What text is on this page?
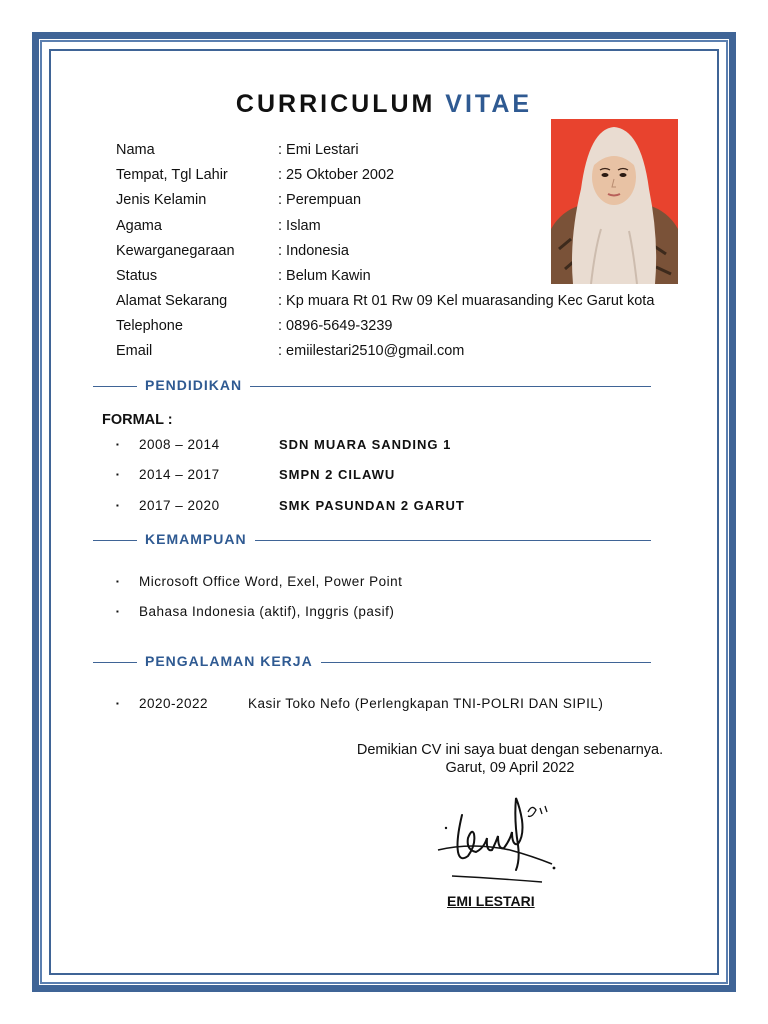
CURRICULUM VITAE
Nama	: Emi Lestari
Tempat, Tgl Lahir	: 25 Oktober 2002
Jenis Kelamin	: Perempuan
Agama	: Islam
Kewarganegaraan	: Indonesia
Status	: Belum Kawin
Alamat Sekarang	: Kp muara Rt 01 Rw 09 Kel muarasanding Kec Garut kota
Telephone	: 0896-5649-3239
Email	: emiilestari2510@gmail.com
PENDIDIKAN
FORMAL :
▪ 2008 – 2014	SDN MUARA SANDING 1
▪ 2014 – 2017	SMPN 2 CILAWU
▪ 2017 – 2020	SMK PASUNDAN 2 GARUT
KEMAMPUAN
▪ Microsoft Office Word, Exel, Power Point
▪ Bahasa Indonesia (aktif), Inggris (pasif)
PENGALAMAN KERJA
▪ 2020-2022	Kasir Toko Nefo (Perlengkapan TNI-POLRI DAN SIPIL)
Demikian CV ini saya buat dengan sebenarnya.
Garut, 09 April 2022
EMI LESTARI
